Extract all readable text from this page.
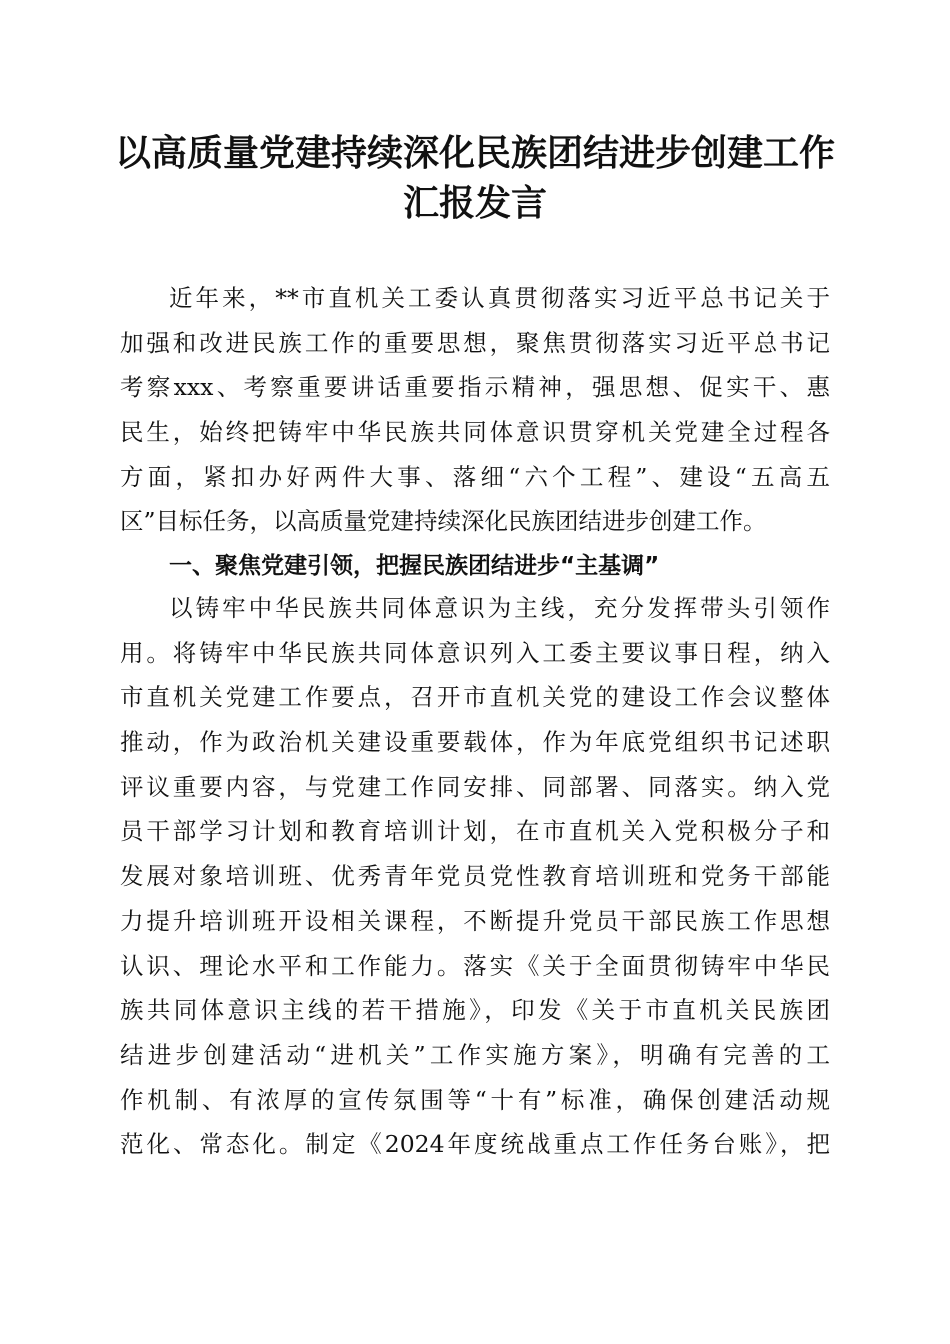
以高质量党建持续深化民族团结进步创建工作
汇报发言
近年来，**市直机关工委认真贯彻落实习近平总书记关于
加强和改进民族工作的重要思想，聚焦贯彻落实习近平总书记
考察xxx、考察重要讲话重要指示精神，强思想、促实干、惠
民生，始终把铸牢中华民族共同体意识贯穿机关党建全过程各
方面，紧扣办好两件大事、落细“六个工程”、建设“五高五
区”目标任务，以高质量党建持续深化民族团结进步创建工作。
一、聚焦党建引领，把握民族团结进步“主基调”
以铸牢中华民族共同体意识为主线，充分发挥带头引领作
用。将铸牢中华民族共同体意识列入工委主要议事日程，纳入
市直机关党建工作要点，召开市直机关党的建设工作会议整体
推动，作为政治机关建设重要载体，作为年底党组织书记述职
评议重要内容，与党建工作同安排、同部署、同落实。纳入党
员干部学习计划和教育培训计划，在市直机关入党积极分子和
发展对象培训班、优秀青年党员党性教育培训班和党务干部能
力提升培训班开设相关课程，不断提升党员干部民族工作思想
认识、理论水平和工作能力。落实《关于全面贯彻铸牢中华民
族共同体意识主线的若干措施》，印发《关于市直机关民族团
结进步创建活动“进机关”工作实施方案》，明确有完善的工
作机制、有浓厚的宣传氛围等“十有”标准，确保创建活动规
范化、常态化。制定《2024年度统战重点工作任务台账》，把
